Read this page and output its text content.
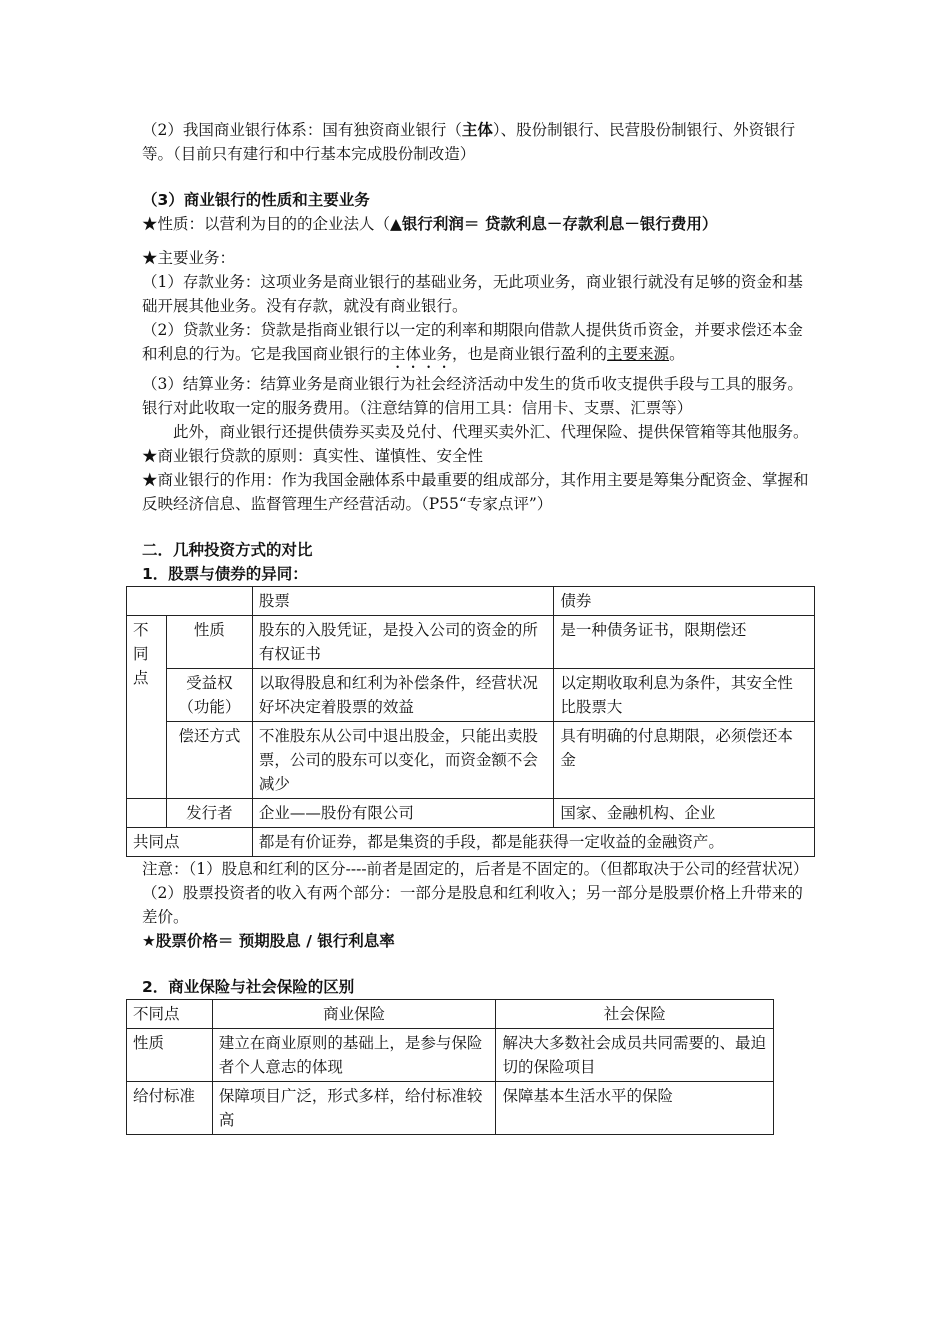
（2）我国商业银行体系：国有独资商业银行（主体）、股份制银行、民营股份制银行、外资银行等。（目前只有建行和中行基本完成股份制改造）

（3）商业银行的性质和主要业务

★性质：以营利为目的的企业法人（▲银行利润＝ 贷款利息－存款利息－银行费用）

★主要业务：

（1）存款业务：这项业务是商业银行的基础业务，无此项业务，商业银行就没有足够的资金和基础开展其他业务。没有存款，就没有商业银行。

（2）贷款业务：贷款是指商业银行以一定的利率和期限向借款人提供货币资金，并要求偿还本金和利息的行为。它是我国商业银行的主体业务，也是商业银行盈利的主要来源。

（3）结算业务：结算业务是商业银行为社会经济活动中发生的货币收支提供手段与工具的服务。银行对此收取一定的服务费用。（注意结算的信用工具：信用卡、支票、汇票等）

此外，商业银行还提供债券买卖及兑付、代理买卖外汇、代理保险、提供保管箱等其他服务。

★商业银行贷款的原则：真实性、谨慎性、安全性

★商业银行的作用：作为我国金融体系中最重要的组成部分，其作用主要是筹集分配资金、掌握和反映经济信息、监督管理生产经营活动。（P55“专家点评”）

二．几种投资方式的对比

1．股票与债券的异同：

		股票	债券
不同点	性质	股东的入股凭证，是投入公司的资金的所有权证书	是一种债务证书，限期偿还
	受益权（功能）	以取得股息和红利为补偿条件，经营状况好坏决定着股票的效益	以定期收取利息为条件，其安全性比股票大
	偿还方式	不准股东从公司中退出股金，只能出卖股票，公司的股东可以变化，而资金额不会减少	具有明确的付息期限，必须偿还本金
	发行者	企业——股份有限公司	国家、金融机构、企业
共同点		都是有价证券，都是集资的手段，都是能获得一定收益的金融资产。	

注意：（1）股息和红利的区分----前者是固定的，后者是不固定的。（但都取决于公司的经营状况）

（2）股票投资者的收入有两个部分：一部分是股息和红利收入；另一部分是股票价格上升带来的差价。

★股票价格＝ 预期股息 / 银行利息率

2．商业保险与社会保险的区别

不同点	商业保险	社会保险
性质	建立在商业原则的基础上，是参与保险者个人意志的体现	解决大多数社会成员共同需要的、最迫切的保险项目
给付标准	保障项目广泛，形式多样，给付标准较高	保障基本生活水平的保险
